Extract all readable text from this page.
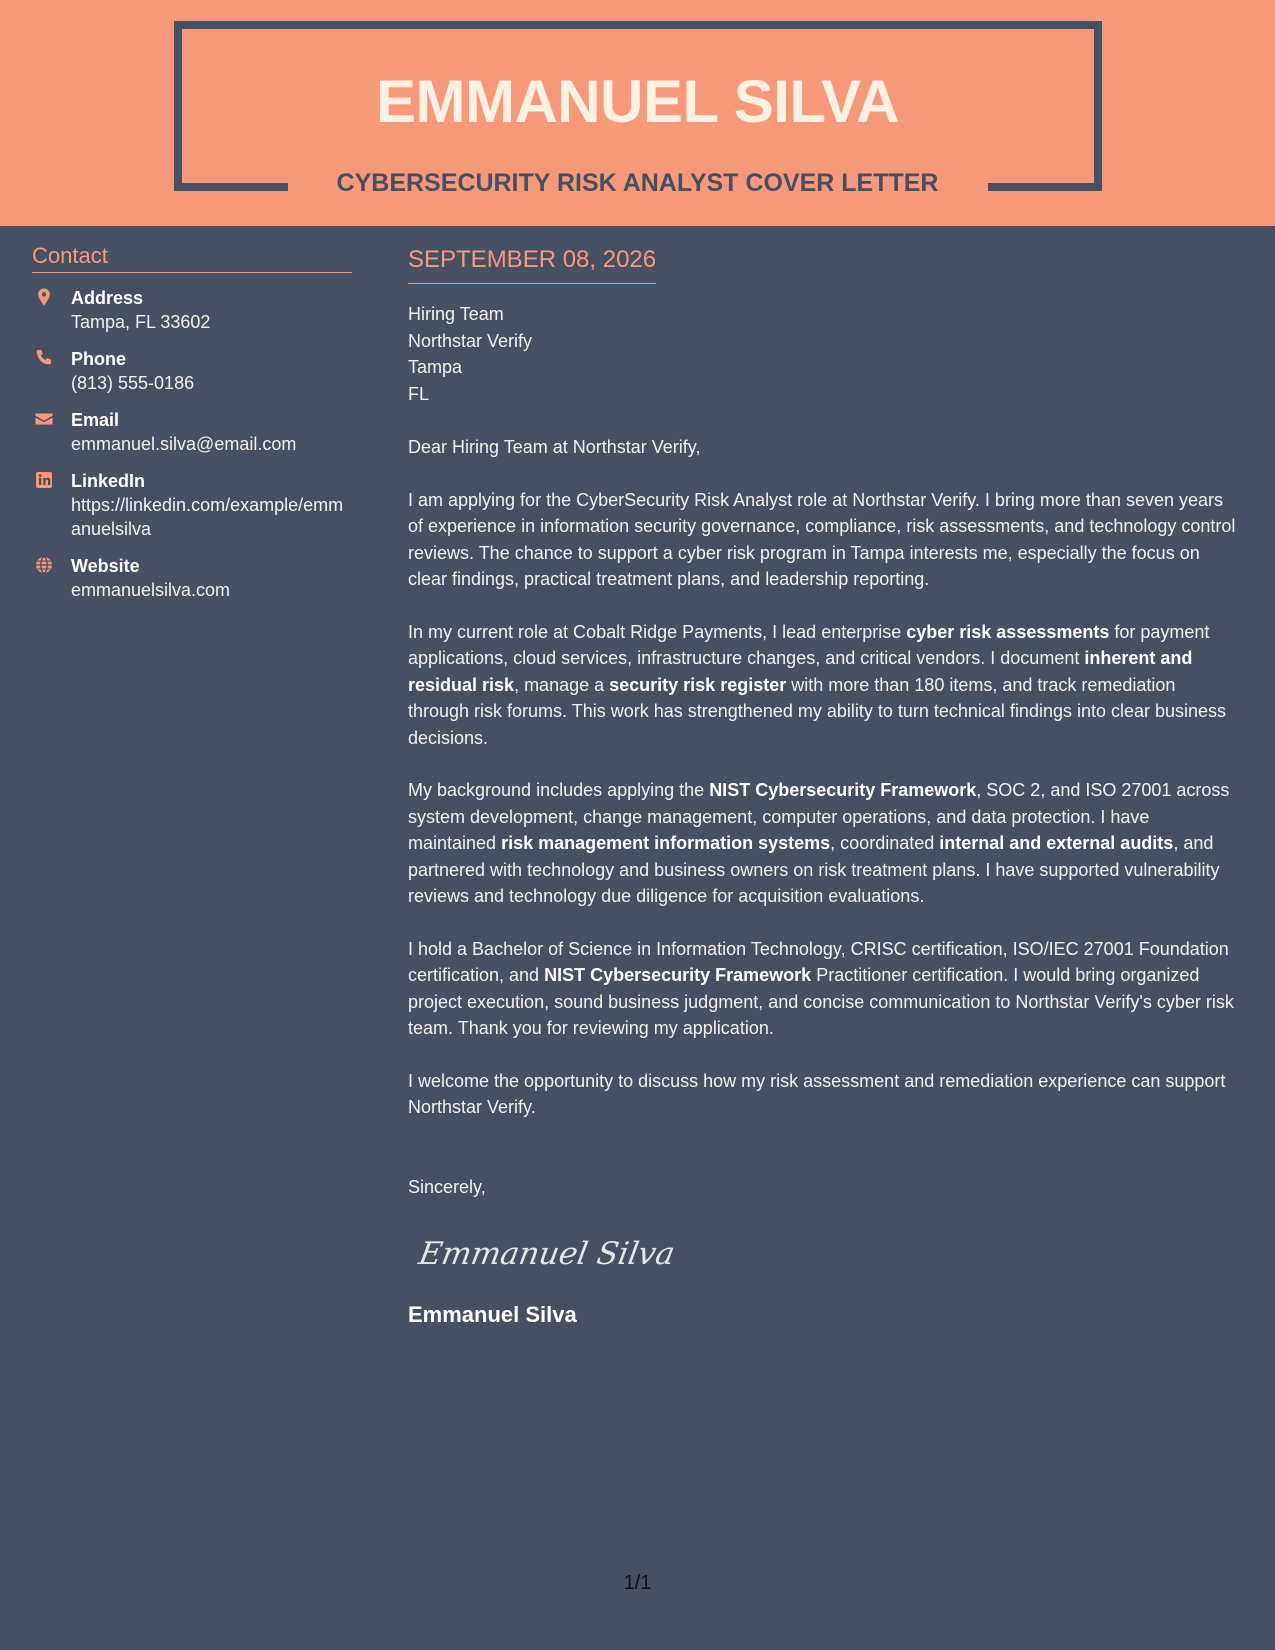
EMMANUEL SILVA
CYBERSECURITY RISK ANALYST COVER LETTER
Contact
Address
Tampa, FL 33602
Phone
(813) 555-0186
Email
emmanuel.silva@email.com
LinkedIn
https://linkedin.com/example/emmanuelsilva
Website
emmanuelsilva.com
SEPTEMBER 08, 2026
Hiring Team
Northstar Verify
Tampa
FL
Dear Hiring Team at Northstar Verify,
I am applying for the CyberSecurity Risk Analyst role at Northstar Verify. I bring more than seven years of experience in information security governance, compliance, risk assessments, and technology control reviews. The chance to support a cyber risk program in Tampa interests me, especially the focus on clear findings, practical treatment plans, and leadership reporting.
In my current role at Cobalt Ridge Payments, I lead enterprise cyber risk assessments for payment applications, cloud services, infrastructure changes, and critical vendors. I document inherent and residual risk, manage a security risk register with more than 180 items, and track remediation through risk forums. This work has strengthened my ability to turn technical findings into clear business decisions.
My background includes applying the NIST Cybersecurity Framework, SOC 2, and ISO 27001 across system development, change management, computer operations, and data protection. I have maintained risk management information systems, coordinated internal and external audits, and partnered with technology and business owners on risk treatment plans. I have supported vulnerability reviews and technology due diligence for acquisition evaluations.
I hold a Bachelor of Science in Information Technology, CRISC certification, ISO/IEC 27001 Foundation certification, and NIST Cybersecurity Framework Practitioner certification. I would bring organized project execution, sound business judgment, and concise communication to Northstar Verify's cyber risk team. Thank you for reviewing my application.
I welcome the opportunity to discuss how my risk assessment and remediation experience can support Northstar Verify.
Sincerely,
Emmanuel Silva
Emmanuel Silva
1/1
